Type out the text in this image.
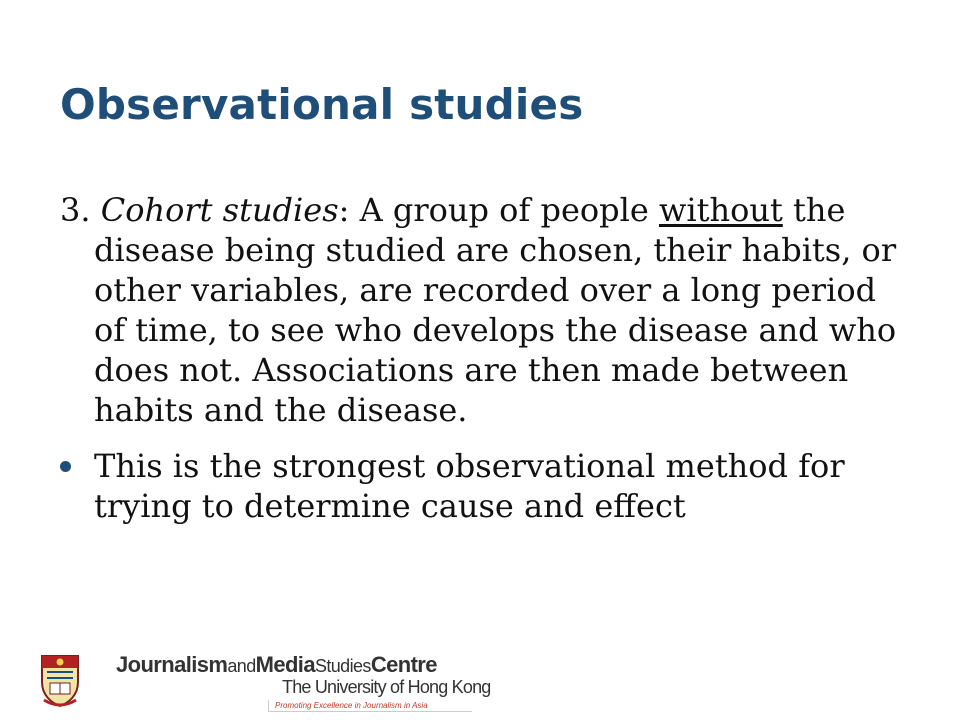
Observational studies

3. Cohort studies: A group of people without the disease being studied are chosen, their habits, or other variables, are recorded over a long period of time, to see who develops the disease and who does not. Associations are then made between habits and the disease.

This is the strongest observational method for trying to determine cause and effect

JournalismandMediaStudiesCentre
The University of Hong Kong
Promoting Excellence in Journalism in Asia
